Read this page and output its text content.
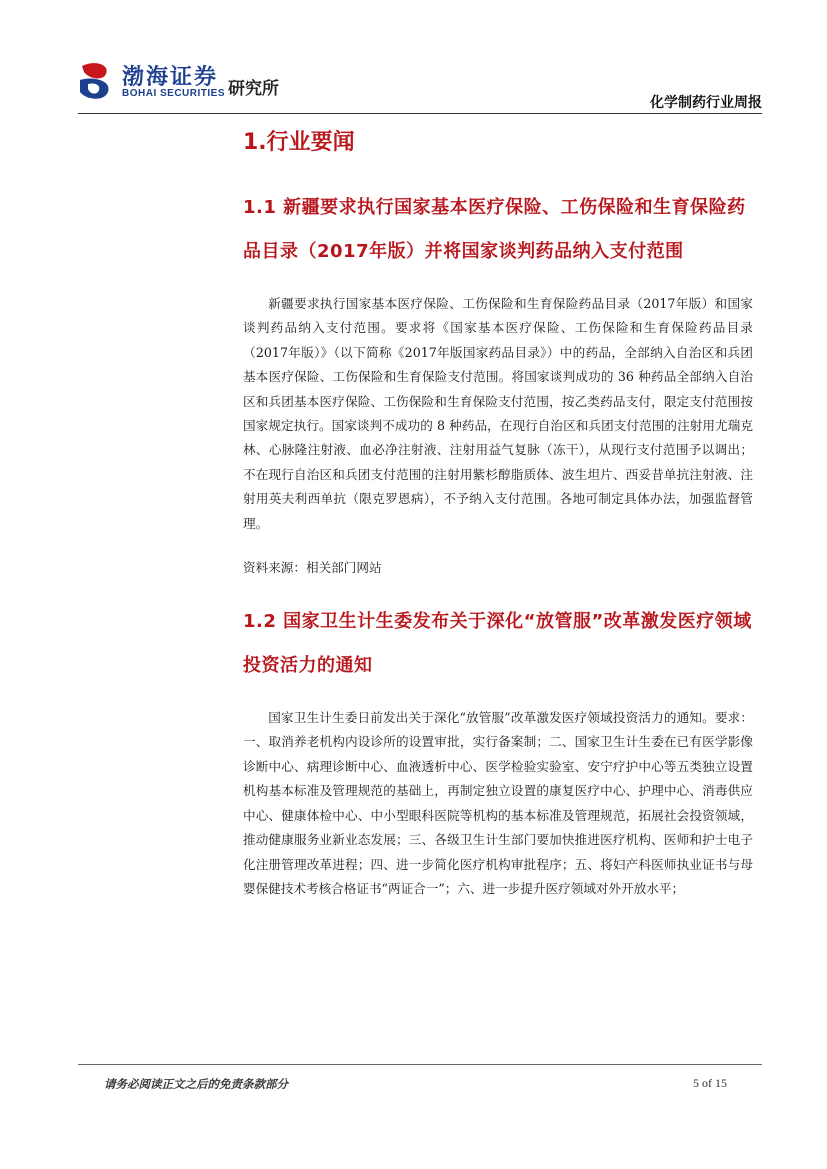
渤海证券
BOHAI SECURITIES 研究所
化学制药行业周报
1.行业要闻
1.1 新疆要求执行国家基本医疗保险、工伤保险和生育保险药品目录（2017年版）并将国家谈判药品纳入支付范围

新疆要求执行国家基本医疗保险、工伤保险和生育保险药品目录（2017年版）和国家谈判药品纳入支付范围。要求将《国家基本医疗保险、工伤保险和生育保险药品目录（2017年版）》（以下简称《2017年版国家药品目录》）中的药品，全部纳入自治区和兵团基本医疗保险、工伤保险和生育保险支付范围。将国家谈判成功的 36 种药品全部纳入自治区和兵团基本医疗保险、工伤保险和生育保险支付范围，按乙类药品支付，限定支付范围按国家规定执行。国家谈判不成功的 8 种药品，在现行自治区和兵团支付范围的注射用尤瑞克林、心脉隆注射液、血必净注射液、注射用益气复脉（冻干），从现行支付范围予以调出；不在现行自治区和兵团支付范围的注射用紫杉醇脂质体、波生坦片、西妥昔单抗注射液、注射用英夫利西单抗（限克罗恩病），不予纳入支付范围。各地可制定具体办法，加强监督管理。

资料来源：相关部门网站

1.2 国家卫生计生委发布关于深化“放管服”改革激发医疗领域投资活力的通知

国家卫生计生委日前发出关于深化“放管服”改革激发医疗领域投资活力的通知。要求：一、取消养老机构内设诊所的设置审批，实行备案制；二、国家卫生计生委在已有医学影像诊断中心、病理诊断中心、血液透析中心、医学检验实验室、安宁疗护中心等五类独立设置机构基本标准及管理规范的基础上，再制定独立设置的康复医疗中心、护理中心、消毒供应中心、健康体检中心、中小型眼科医院等机构的基本标准及管理规范，拓展社会投资领域，推动健康服务业新业态发展；三、各级卫生计生部门要加快推进医疗机构、医师和护士电子化注册管理改革进程；四、进一步简化医疗机构审批程序；五、将妇产科医师执业证书与母婴保健技术考核合格证书“两证合一”；六、进一步提升医疗领域对外开放水平；

请务必阅读正文之后的免责条款部分	5 of 15
